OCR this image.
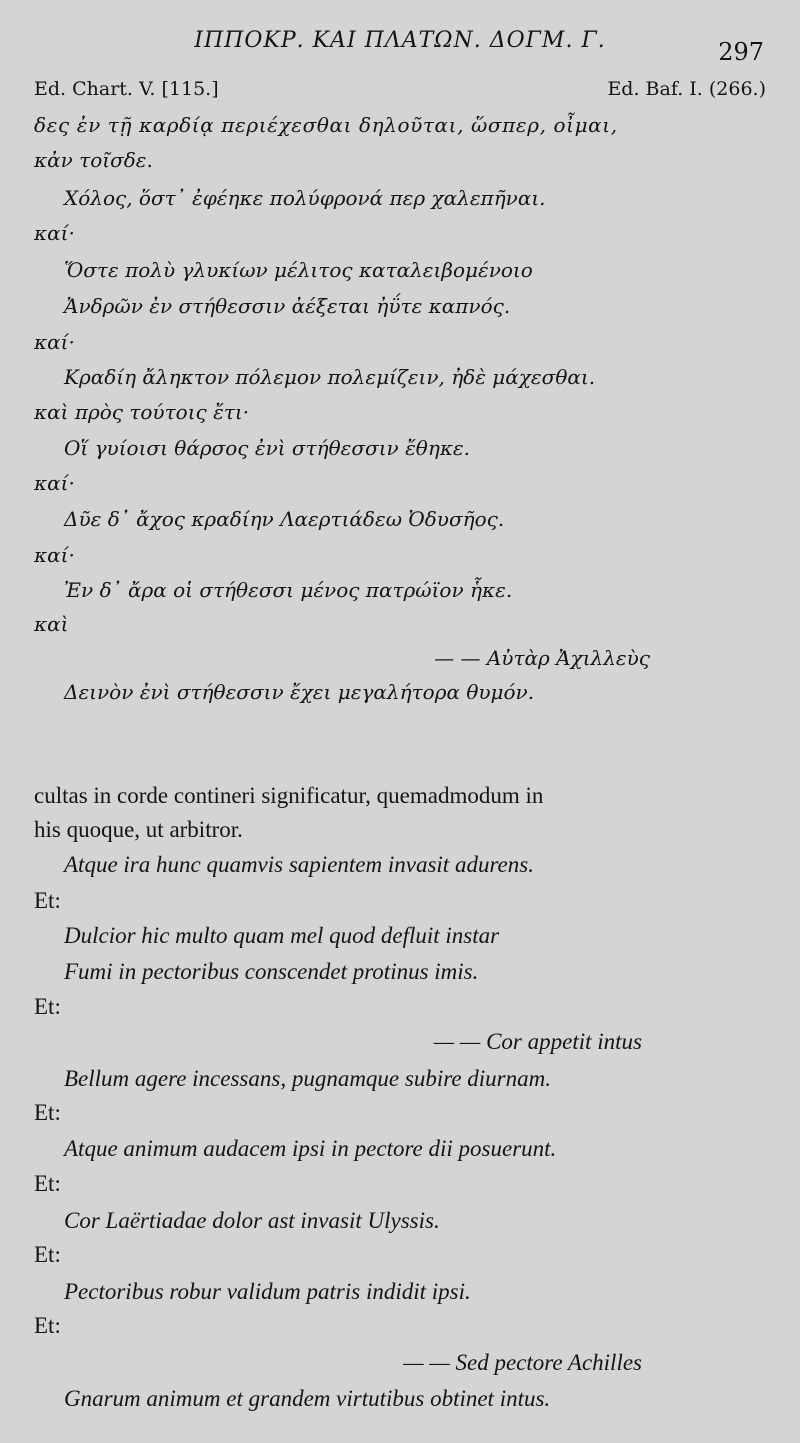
ΙΠΠΟΚΡ. ΚΑΙ ΠΛΑΤΩΝ. ΔΟΓΜ. Γ.	297
Ed. Chart. V. [115.]	Ed. Baf. I. (266.)
δες ἐν τῇ καρδίᾳ περιέχεσθαι δηλοῦται, ὥσπερ, οἶμαι,
κἀν τοῖσδε.
Χόλος, ὅστ᾽ ἐφέηκε πολύφρονά περ χαλεπῆναι.
καί·
Ὅστε πολὺ γλυκίων μέλιτος καταλειβομένοιο
Ἀνδρῶν ἐν στήθεσσιν ἀέξεται ἠΰτε καπνός.
καί·
Κραδίη ἄληκτον πόλεμον πολεμίζειν, ἠδὲ μάχεσθαι.
καὶ πρὸς τούτοις ἔτι·
Οἵ γυίοισι θάρσος ἐνὶ στήθεσσιν ἔθηκε.
καί·
Δῦε δ᾽ ἄχος κραδίην Λαερτιάδεω Ὀδυσῆος.
καί·
Ἐν δ᾽ ἄρα οἱ στήθεσσι μένος πατρώϊον ἧκε.
καὶ
— — Αὐτὰρ Ἀχιλλεὺς
Δεινὸν ἐνὶ στήθεσσιν ἔχει μεγαλήτορα θυμόν.
cultas in corde contineri significatur, quemadmodum in
his quoque, ut arbitror.
Atque ira hunc quamvis sapientem invasit adurens.
Et:
Dulcior hic multo quam mel quod defluit instar
Fumi in pectoribus conscendet protinus imis.
Et:
— — Cor appetit intus
Bellum agere incessans, pugnamque subire diurnam.
Et:
Atque animum audacem ipsi in pectore dii posuerunt.
Et:
Cor Laërtiadae dolor ast invasit Ulyssis.
Et:
Pectoribus robur validum patris indidit ipsi.
Et:
— — Sed pectore Achilles
Gnarum animum et grandem virtutibus obtinet intus.
